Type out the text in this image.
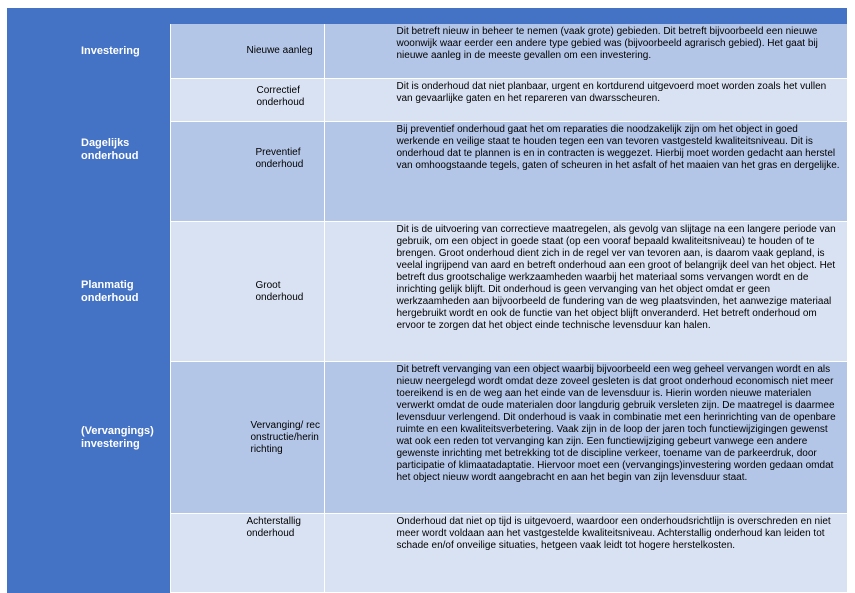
Investering	Nieuwe aanleg	Dit betreft nieuw in beheer te nemen (vaak grote) gebieden. Dit betreft bijvoorbeeld een nieuwe woonwijk waar eerder een andere type gebied was (bijvoorbeeld agrarisch gebied). Het gaat bij nieuwe aanleg in de meeste gevallen om een investering.

Dagelijks onderhoud	Correctief onderhoud	Dit is onderhoud dat niet planbaar, urgent en kortdurend uitgevoerd moet worden zoals het vullen van gevaarlijke gaten en het repareren van dwarsscheuren.

	Preventief onderhoud	Bij preventief onderhoud gaat het om reparaties die noodzakelijk zijn om het object in goed werkende en veilige staat te houden tegen een van tevoren vastgesteld kwaliteitsniveau. Dit is onderhoud dat te plannen is en in contracten is weggezet. Hierbij moet worden gedacht aan herstel van omhoogstaande tegels, gaten of scheuren in het asfalt of het maaien van het gras en dergelijke.

Planmatig onderhoud	Groot onderhoud	Dit is de uitvoering van correctieve maatregelen, als gevolg van slijtage na een langere periode van gebruik, om een object in goede staat (op een vooraf bepaald kwaliteitsniveau) te houden of te brengen. Groot onderhoud dient zich in de regel ver van tevoren aan, is daarom vaak gepland, is veelal ingrijpend van aard en betreft onderhoud aan een groot of belangrijk deel van het object. Het betreft dus grootschalige werkzaamheden waarbij het materiaal soms vervangen wordt en de inrichting gelijk blijft. Dit onderhoud is geen vervanging van het object omdat er geen werkzaamheden aan bijvoorbeeld de fundering van de weg plaatsvinden, het aanwezige materiaal hergebruikt wordt en ook de functie van het object blijft onveranderd. Het betreft onderhoud om ervoor te zorgen dat het object einde technische levensduur kan halen.

(Vervangings) investering	Vervanging/ reconstructie/herinrichting	Dit betreft vervanging van een object waarbij bijvoorbeeld een weg geheel vervangen wordt en als nieuw neergelegd wordt omdat deze zoveel gesleten is dat groot onderhoud economisch niet meer toereikend is en de weg aan het einde van de levensduur is. Hierin worden nieuwe materialen verwerkt omdat de oude materialen door langdurig gebruik versleten zijn. De maatregel is daarmee levensduur verlengend. Dit onderhoud is vaak in combinatie met een herinrichting van de openbare ruimte en een kwaliteitsverbetering. Vaak zijn in de loop der jaren toch functiewijzigingen gewenst wat ook een reden tot vervanging kan zijn. Een functiewijziging gebeurt vanwege een andere gewenste inrichting met betrekking tot de discipline verkeer, toename van de parkeerdruk, door participatie of klimaatadaptatie. Hiervoor moet een (vervangings)investering worden gedaan omdat het object nieuw wordt aangebracht en aan het begin van zijn levensduur staat.

	Achterstallig onderhoud	Onderhoud dat niet op tijd is uitgevoerd, waardoor een onderhoudsrichtlijn is overschreden en niet meer wordt voldaan aan het vastgestelde kwaliteitsniveau. Achterstallig onderhoud kan leiden tot schade en/of onveilige situaties, hetgeen vaak leidt tot hogere herstelkosten.
